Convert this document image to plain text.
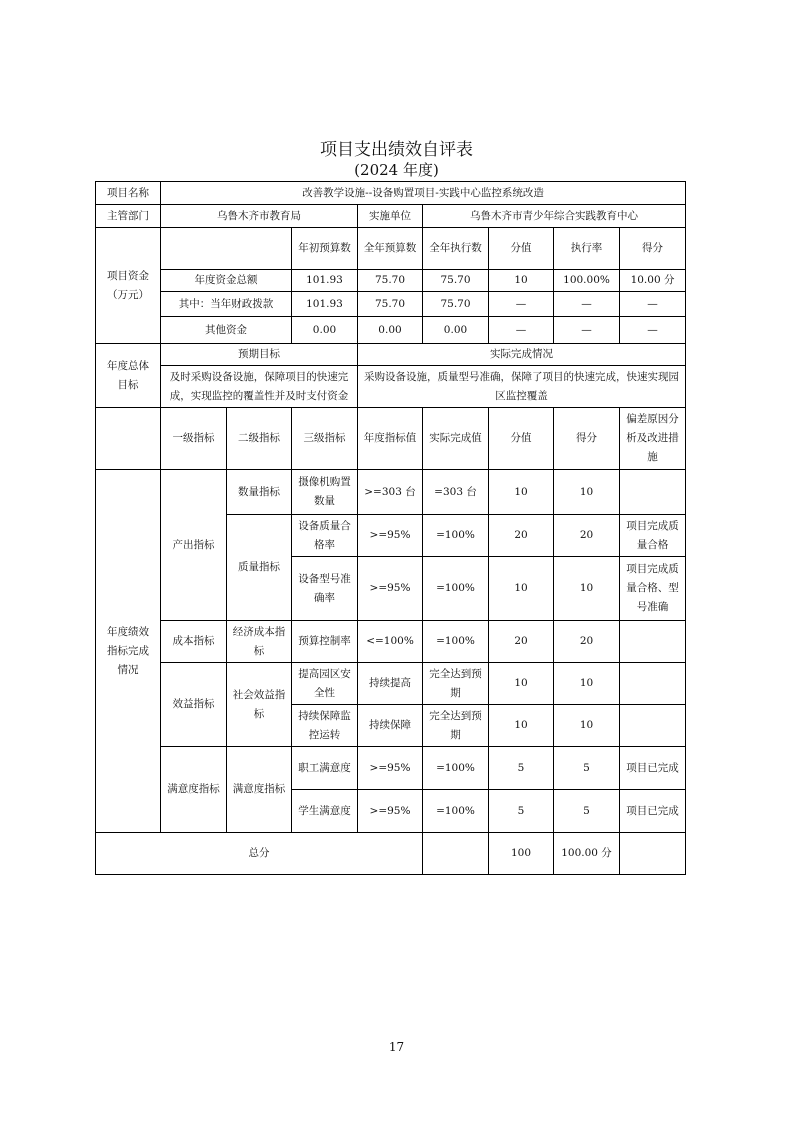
项目支出绩效自评表
(2024 年度)
项目名称	改善教学设施--设备购置项目-实践中心监控系统改造							
主管部门	乌鲁木齐市教育局			实施单位	乌鲁木齐市青少年综合实践教育中心			
项目资金
（万元）			年初预算数	全年预算数	全年执行数	分值	执行率	得分
	年度资金总额		101.93	75.70	75.70	10	100.00%	10.00 分
	其中：当年财政拨款		101.93	75.70	75.70	—	—	—
	其他资金		0.00	0.00	0.00	—	—	—
年度总体
目标	预期目标			实际完成情况				
	及时采购设备设施，保障项目的快速完成，实现监控的覆盖性并及时支付资金			采购设备设施，质量型号准确，保障了项目的快速完成，快速实现园区监控覆盖				
	一级指标	二级指标	三级指标	年度指标值	实际完成值	分值	得分	偏差原因分析及改进措施
年度绩效
指标完成
情况	产出指标	数量指标	摄像机购置数量	>=303 台	=303 台	10	10	
		质量指标	设备质量合格率	>=95%	=100%	20	20	项目完成质量合格
			设备型号准确率	>=95%	=100%	10	10	项目完成质量合格、型号准确
	成本指标	经济成本指标	预算控制率	<=100%	=100%	20	20	
	效益指标	社会效益指标	提高园区安全性	持续提高	完全达到预期	10	10	
			持续保障监控运转	持续保障	完全达到预期	10	10	
	满意度指标	满意度指标	职工满意度	>=95%	=100%	5	5	项目已完成
			学生满意度	>=95%	=100%	5	5	项目已完成
总分						100	100.00 分	
17
